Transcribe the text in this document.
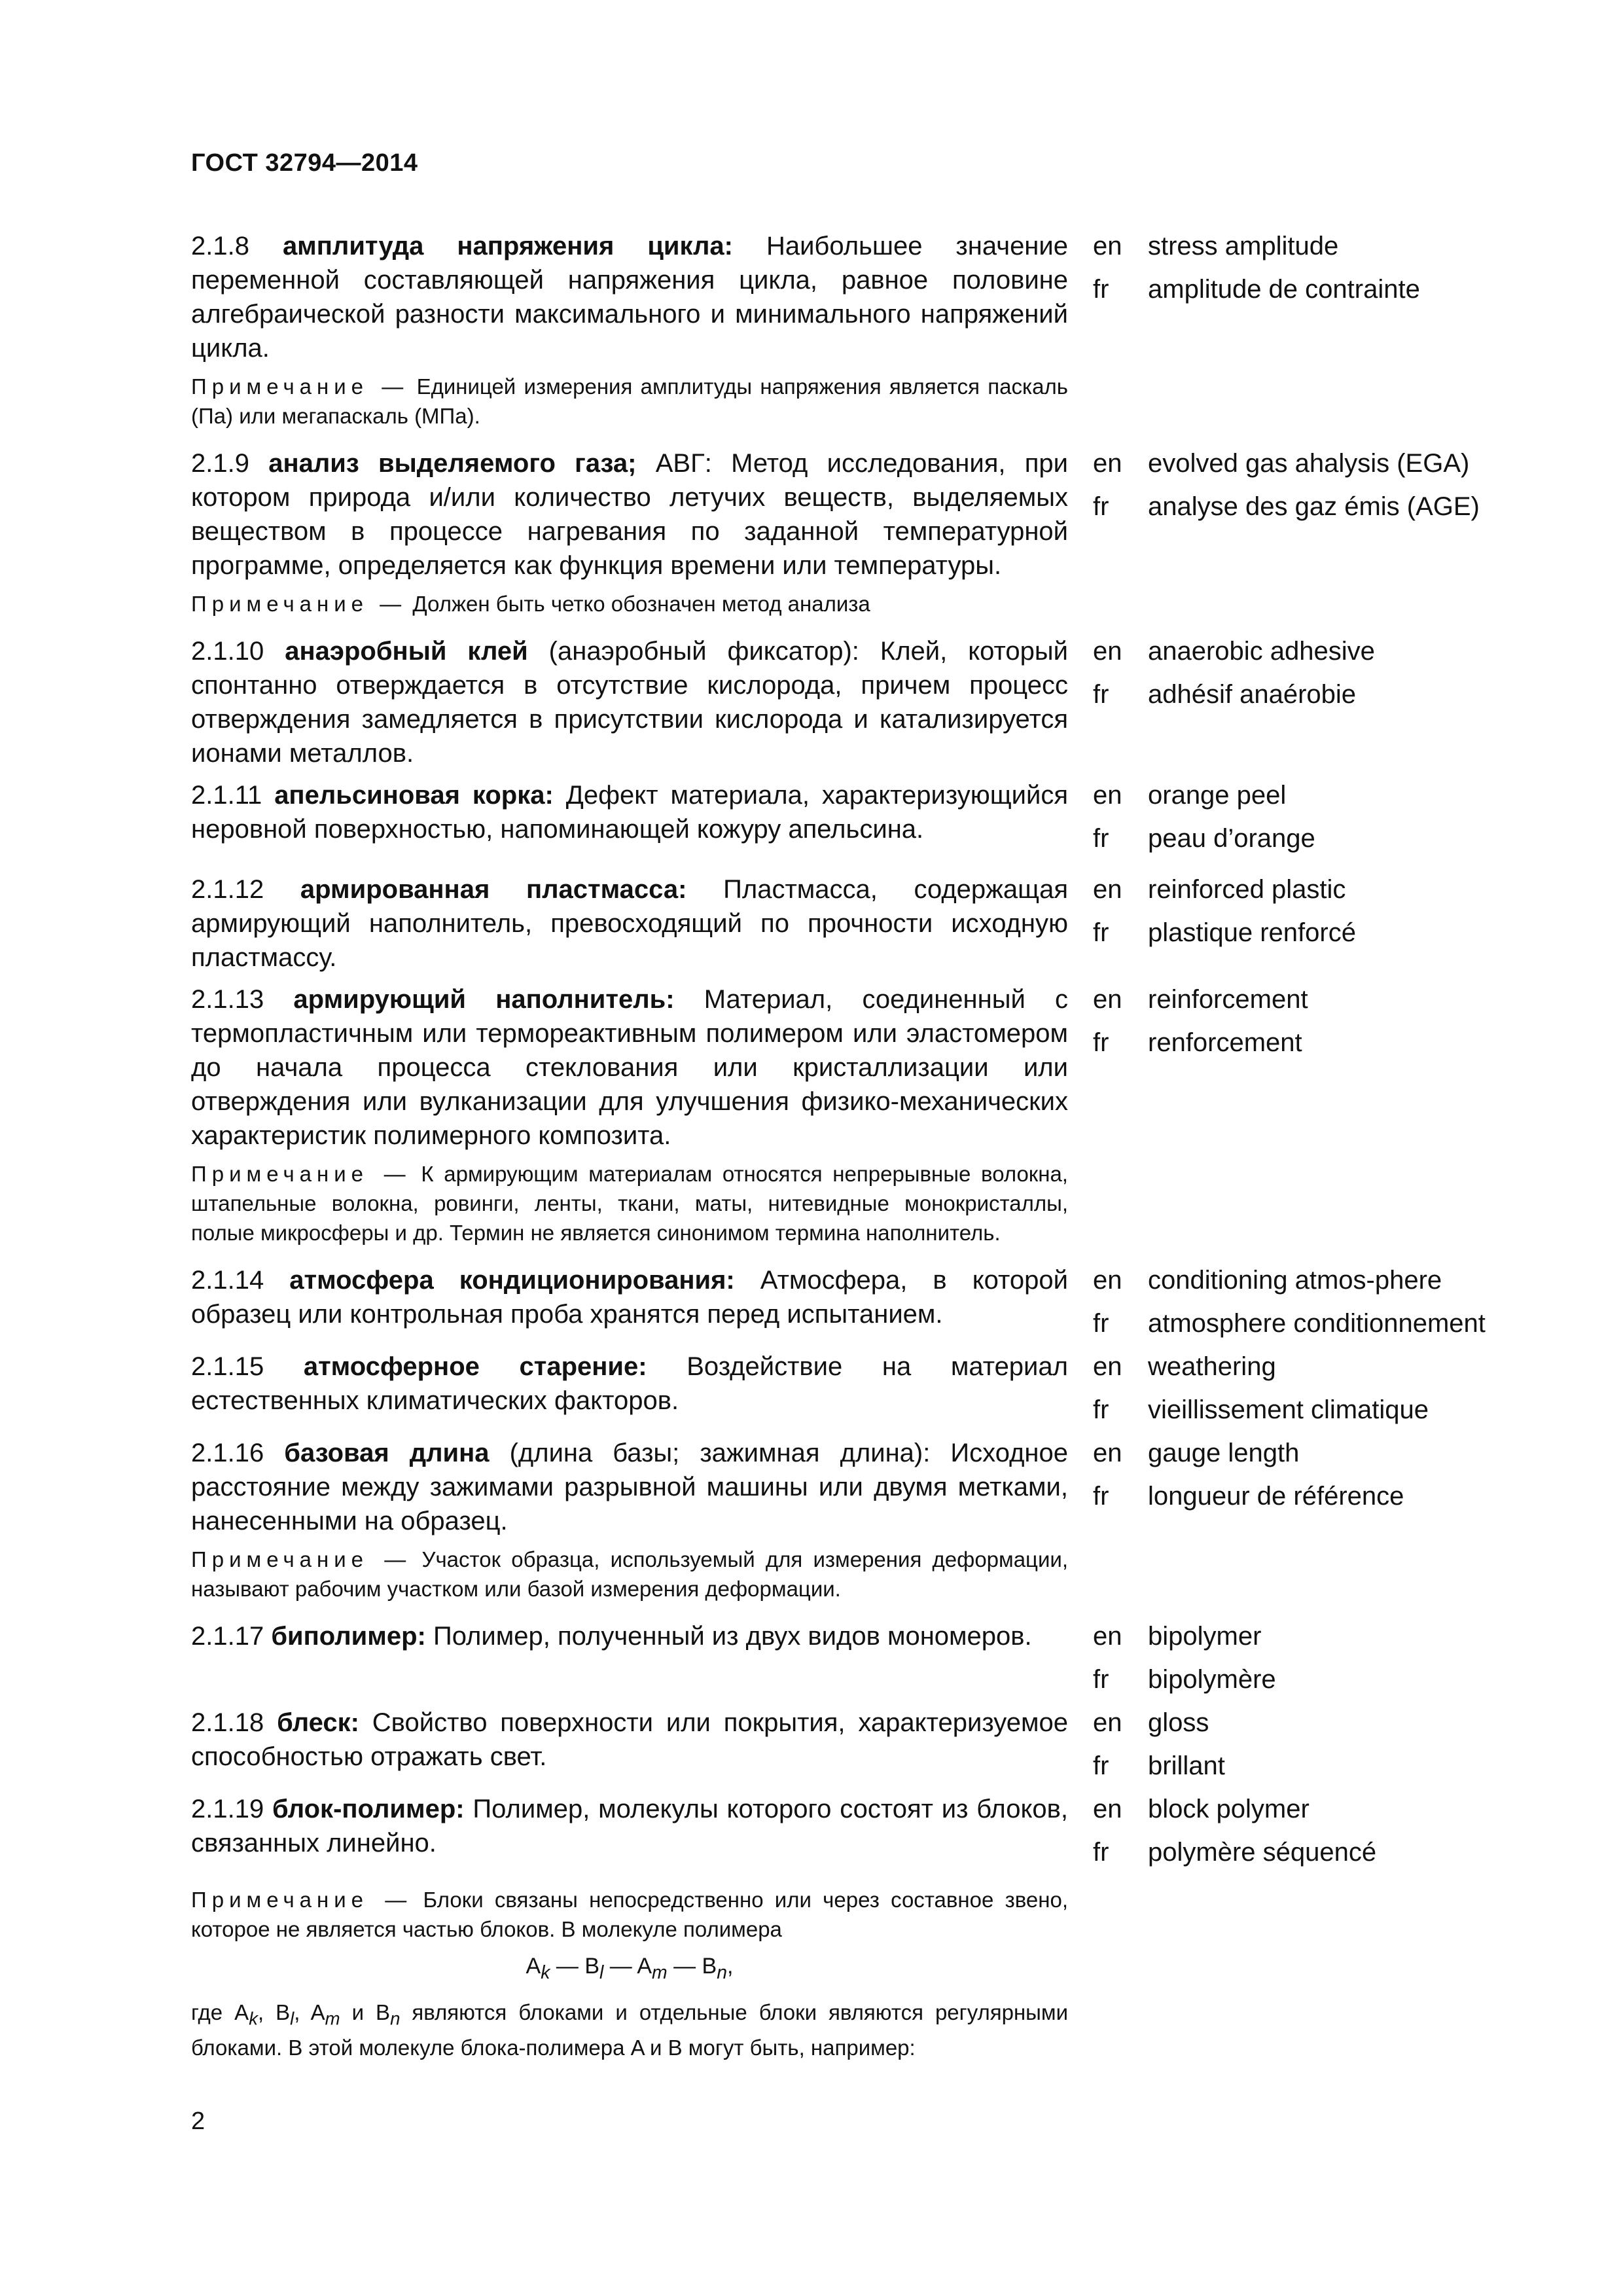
ГОСТ 32794—2014
2.1.8 амплитуда напряжения цикла: Наибольшее значение переменной составляющей напряжения цикла, равное половине алгебраической разности максимального и минимального напряжений цикла.
en
fr
stress amplitude
amplitude de contrainte
Примечание — Единицей измерения амплитуды напряжения является паскаль (Па) или мегапаскаль (МПа).
2.1.9 анализ выделяемого газа; АВГ: Метод исследования, при котором природа и/или количество летучих веществ, выделяемых веществом в процессе нагревания по заданной температурной программе, определяется как функция времени или температуры.
en
fr
evolved gas ahalysis (EGA)
analyse des gaz émis (AGE)
Примечание — Должен быть четко обозначен метод анализа
2.1.10 анаэробный клей (анаэробный фиксатор): Клей, который спонтанно отверждается в отсутствие кислорода, причем процесс отверждения замедляется в присутствии кислорода и катализируется ионами металлов.
en
fr
anaerobic adhesive
adhésif anaérobie
2.1.11 апельсиновая корка: Дефект материала, характеризующийся неровной поверхностью, напоминающей кожуру апельсина.
en
fr
orange peel
peau d’orange
2.1.12 армированная пластмасса: Пластмасса, содержащая армирующий наполнитель, превосходящий по прочности исходную пластмассу.
en
fr
reinforced plastic
plastique renforcé
2.1.13 армирующий наполнитель: Материал, соединенный с термопластичным или термореактивным полимером или эластомером до начала процесса стеклования или кристаллизации или отверждения или вулканизации для улучшения физико-механических характеристик полимерного композита.
en
fr
reinforcement
renforcement
Примечание — К армирующим материалам относятся непрерывные волокна, штапельные волокна, ровинги, ленты, ткани, маты, нитевидные монокристаллы, полые микросферы и др. Термин не является синонимом термина наполнитель.
2.1.14 атмосфера кондиционирования: Атмосфера, в которой образец или контрольная проба хранятся перед испытанием.
en
fr
conditioning atmos-phere
atmosphere conditionnement
2.1.15 атмосферное старение: Воздействие на материал естественных климатических факторов.
en
fr
weathering
vieillissement climatique
2.1.16 базовая длина (длина базы; зажимная длина): Исходное расстояние между зажимами разрывной машины или двумя метками, нанесенными на образец.
en
fr
gauge length
longueur de référence
Примечание — Участок образца, используемый для измерения деформации, называют рабочим участком или базой измерения деформации.
2.1.17 биполимер: Полимер, полученный из двух видов мономеров.	en
fr
bipolymer
bipolymère
2.1.18 блеск: Свойство поверхности или покрытия, характеризуемое способностью отражать свет.
en
fr
gloss
brillant
2.1.19 блок-полимер: Полимер, молекулы которого состоят из блоков, связанных линейно.
en
fr
block polymer
polymère séquencé
Примечание — Блоки связаны непосредственно или через составное звено, которое не является частью блоков. В молекуле полимера
$A_k$ — $B_l$ — $A_m$ — $B_n$,
где $A_k$, $B_l$, $A_m$ и $B_n$ являются блоками и отдельные блоки являются регулярными блоками. В этой молекуле блока-полимера A и B могут быть, например:
2
